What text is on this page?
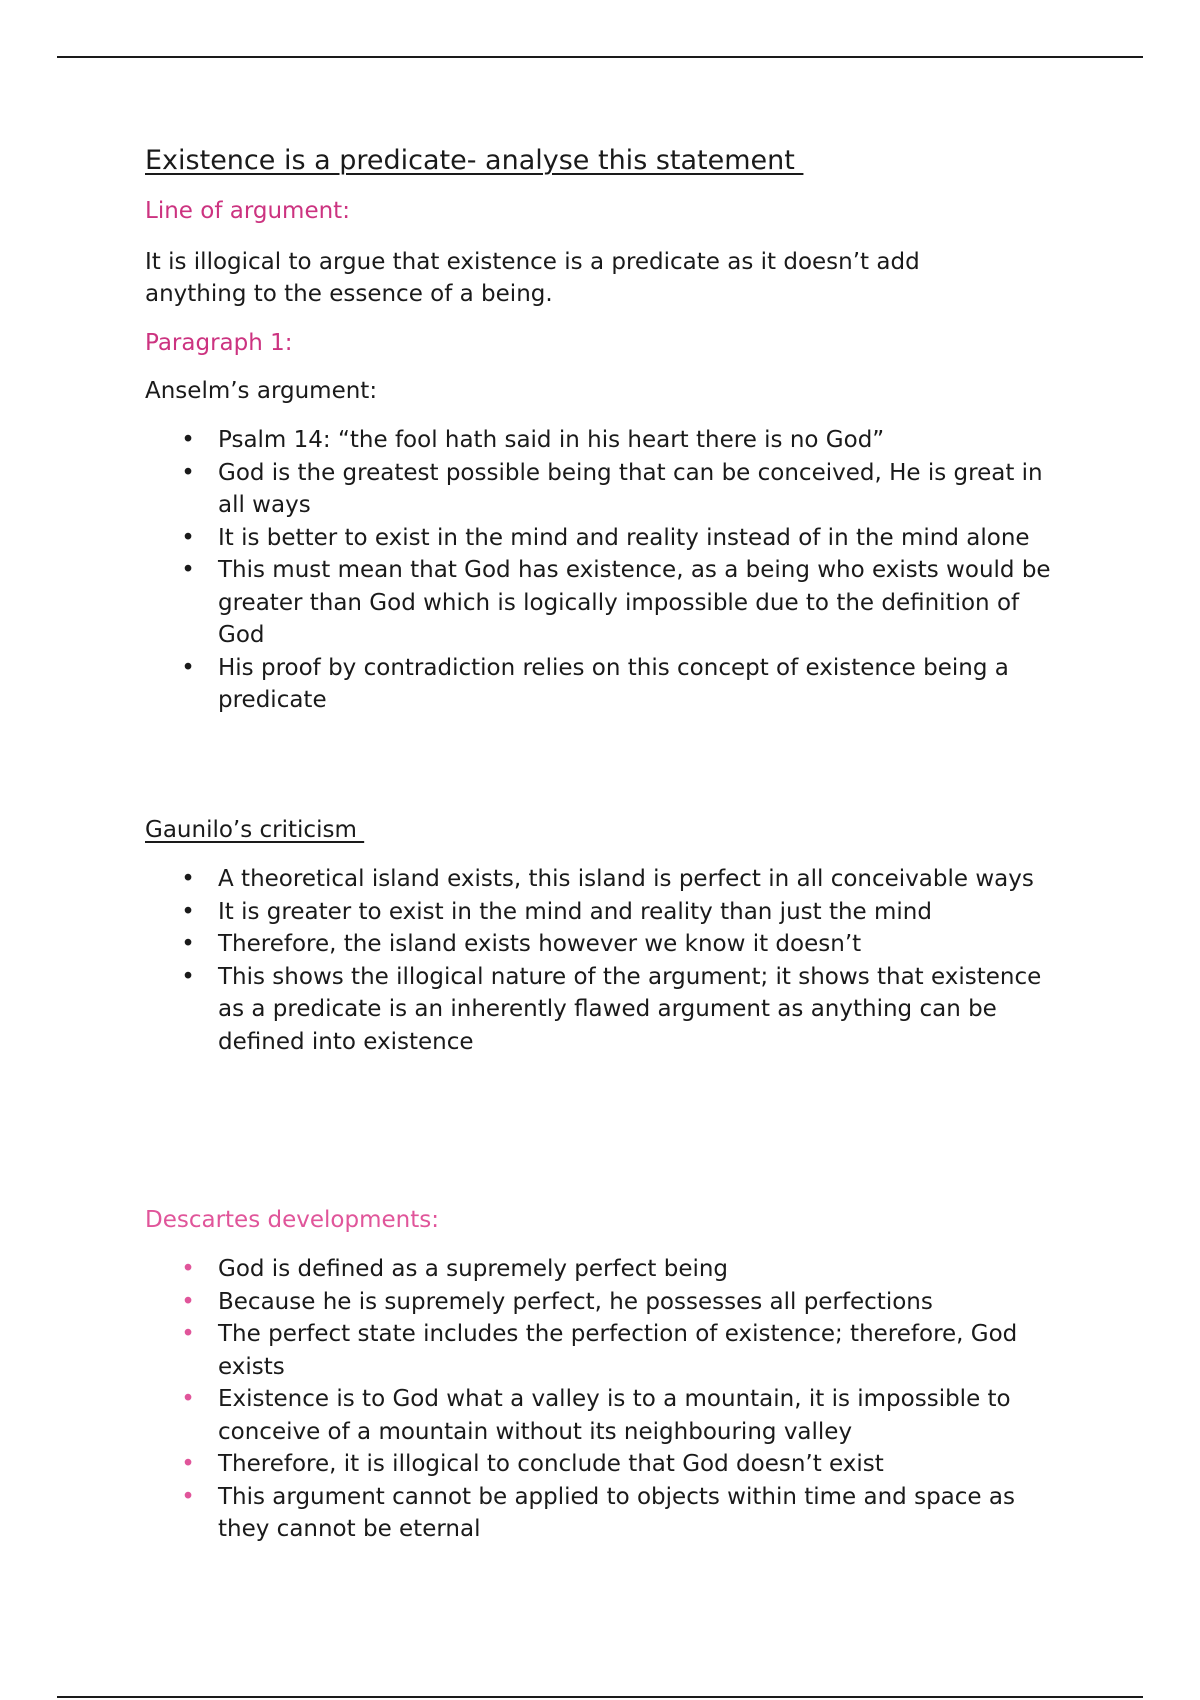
Existence is a predicate- analyse this statement
Line of argument:

It is illogical to argue that existence is a predicate as it doesn’t add anything to the essence of a being.

Paragraph 1:
Anselm’s argument:
• Psalm 14: “the fool hath said in his heart there is no God”
• God is the greatest possible being that can be conceived, He is great in all ways
• It is better to exist in the mind and reality instead of in the mind alone
• This must mean that God has existence, as a being who exists would be greater than God which is logically impossible due to the definition of God
• His proof by contradiction relies on this concept of existence being a predicate
Gaunilo’s criticism
• A theoretical island exists, this island is perfect in all conceivable ways
• It is greater to exist in the mind and reality than just the mind
• Therefore, the island exists however we know it doesn’t
• This shows the illogical nature of the argument; it shows that existence as a predicate is an inherently flawed argument as anything can be defined into existence
Descartes developments:
• God is defined as a supremely perfect being
• Because he is supremely perfect, he possesses all perfections
• The perfect state includes the perfection of existence; therefore, God exists
• Existence is to God what a valley is to a mountain, it is impossible to conceive of a mountain without its neighbouring valley
• Therefore, it is illogical to conclude that God doesn’t exist
• This argument cannot be applied to objects within time and space as they cannot be eternal
